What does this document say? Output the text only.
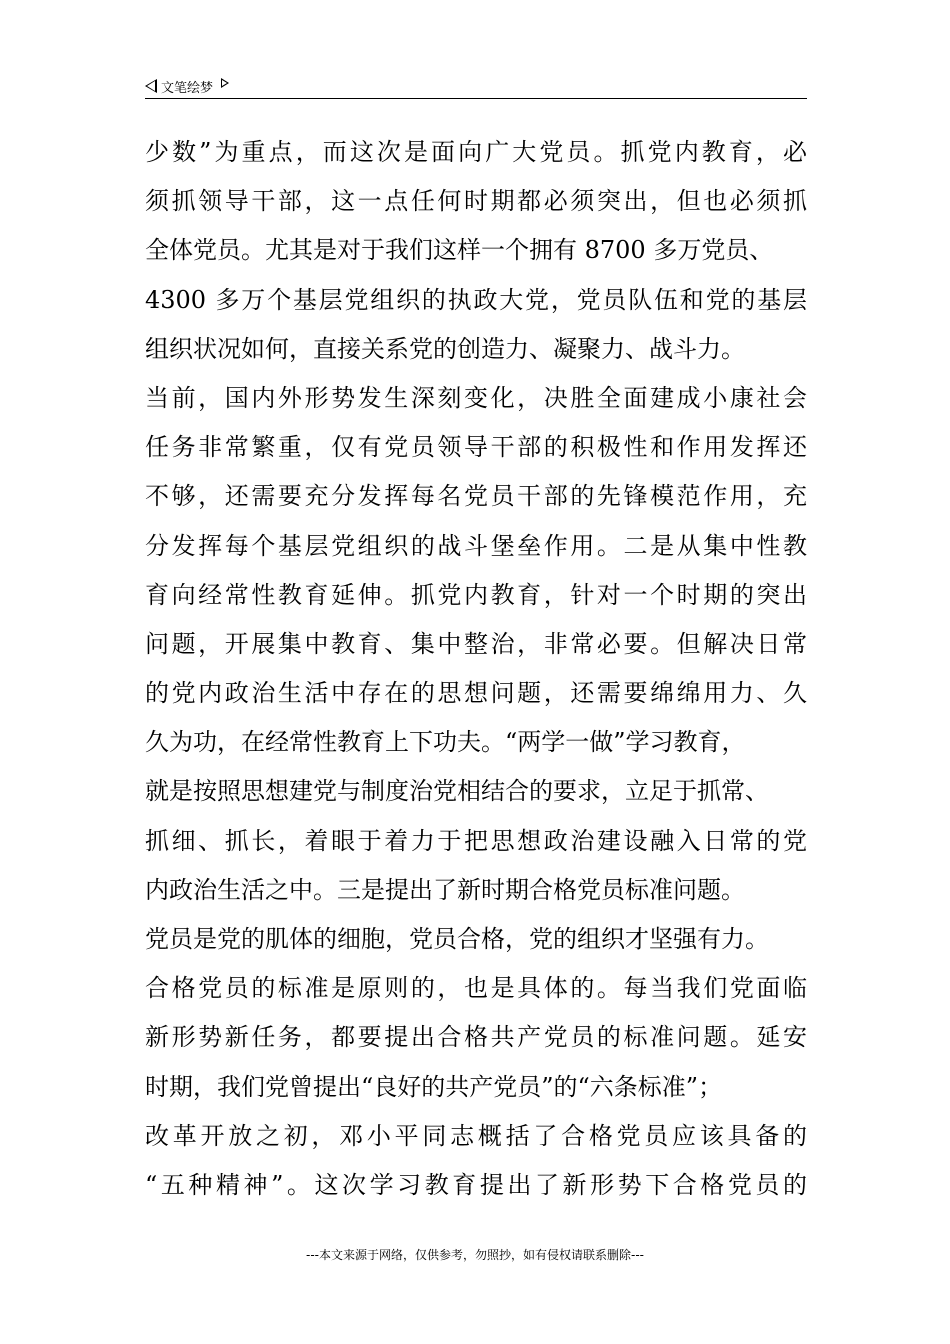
文笔绘梦
少数”为重点，而这次是面向广大党员。抓党内教育，必
须抓领导干部，这一点任何时期都必须突出，但也必须抓
全体党员。尤其是对于我们这样一个拥有 8700 多万党员、
4300 多万个基层党组织的执政大党，党员队伍和党的基层
组织状况如何，直接关系党的创造力、凝聚力、战斗力。
当前，国内外形势发生深刻变化，决胜全面建成小康社会
任务非常繁重，仅有党员领导干部的积极性和作用发挥还
不够，还需要充分发挥每名党员干部的先锋模范作用，充
分发挥每个基层党组织的战斗堡垒作用。二是从集中性教
育向经常性教育延伸。抓党内教育，针对一个时期的突出
问题，开展集中教育、集中整治，非常必要。但解决日常
的党内政治生活中存在的思想问题，还需要绵绵用力、久
久为功，在经常性教育上下功夫。“两学一做”学习教育，
就是按照思想建党与制度治党相结合的要求，立足于抓常、
抓细、抓长，着眼于着力于把思想政治建设融入日常的党
内政治生活之中。三是提出了新时期合格党员标准问题。
党员是党的肌体的细胞，党员合格，党的组织才坚强有力。
合格党员的标准是原则的，也是具体的。每当我们党面临
新形势新任务，都要提出合格共产党员的标准问题。延安
时期，我们党曾提出“良好的共产党员”的“六条标准”；
改革开放之初，邓小平同志概括了合格党员应该具备的
“五种精神”。这次学习教育提出了新形势下合格党员的
---本文来源于网络，仅供参考，勿照抄，如有侵权请联系删除---
